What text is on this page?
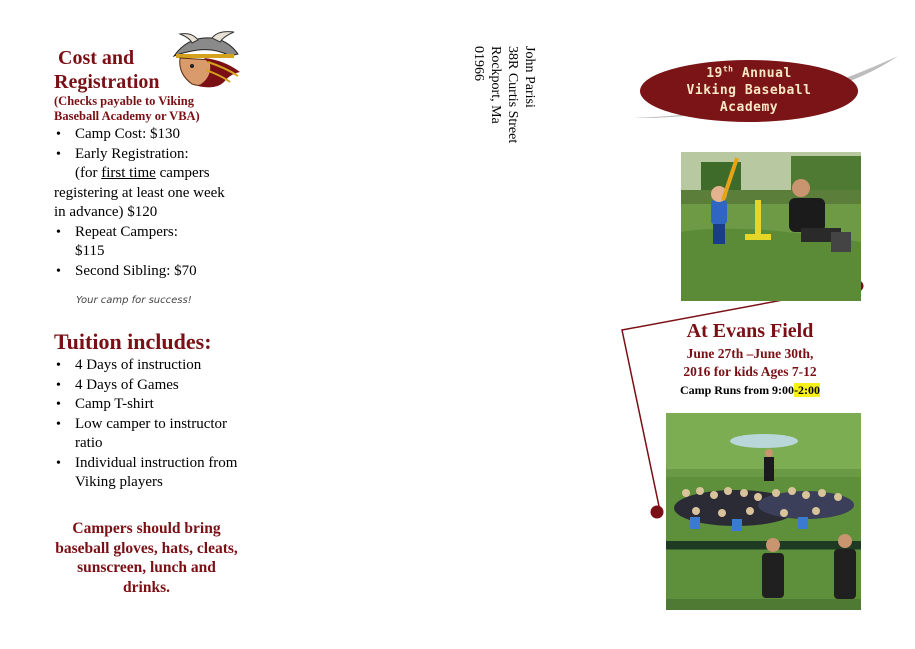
Cost and
Registration
(Checks payable to Viking
Baseball Academy or VBA)
• Camp Cost: $130
• Early Registration:
(for first time campers
registering at least one week
in advance) $120
• Repeat Campers:
$115
• Second Sibling: $70
Your camp for success!
Tuition includes:
• 4 Days of instruction
• 4 Days of Games
• Camp T-shirt
• Low camper to instructor ratio
• Individual instruction from Viking players
Campers should bring baseball gloves, hats, cleats, sunscreen, lunch and drinks.
John Parisi
38R Curtis Street
Rockport, Ma
01966	19th Annual
Viking Baseball
Academy
At Evans Field
June 27th –June 30th,
2016 for kids Ages 7-12
Camp Runs from 9:00-2:00
